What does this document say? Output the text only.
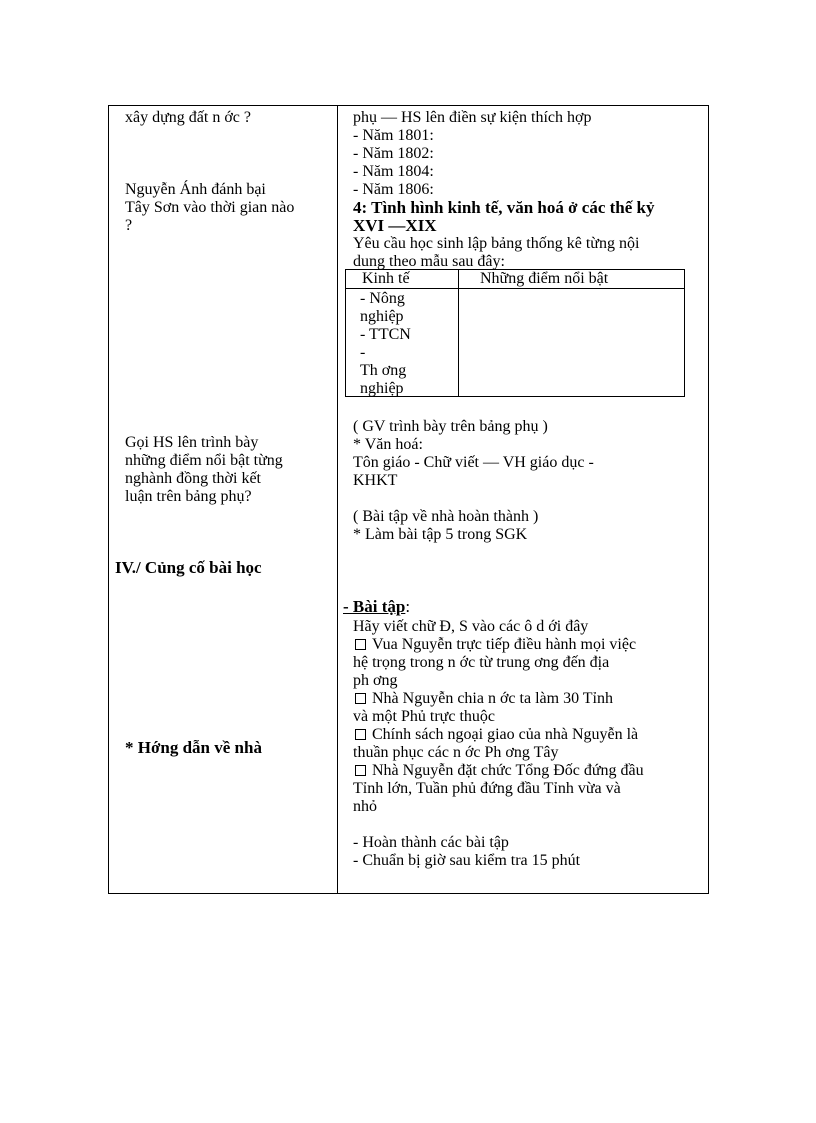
xây dựng đất n ớc ?
Nguyễn Ánh đánh bại
Tây Sơn vào thời gian nào
?
Gọi HS lên trình bày
những điểm nổi bật từng
nghành đồng thời kết
luận trên bảng phụ?
IV./ Củng cố bài học
* Hớng dẫn về nhà
phụ — HS lên điền sự kiện thích hợp
- Năm 1801:
- Năm 1802:
- Năm 1804:
- Năm 1806:
4: Tình hình kinh tế, văn hoá ở các thế kỷ
XVI —XIX
Yêu cầu học sinh lập bảng thống kê từng nội
dung theo mẫu sau đây:
Kinh tế	Những điểm nổi bật
- Nông
nghiệp
- TTCN
-
Th ơng
nghiệp
( GV trình bày trên bảng phụ )
* Văn hoá:
Tôn giáo - Chữ viết — VH giáo dục -
KHKT
( Bài tập về nhà hoàn thành )
* Làm bài tập 5 trong SGK
- Bài tập:
Hãy viết chữ Đ, S vào các ô d ới đây
Vua Nguyễn trực tiếp điều hành mọi việc
hệ trọng trong n ớc từ trung ơng đến địa
ph ơng
Nhà Nguyễn chia n ớc ta làm 30 Tỉnh
và một Phủ trực thuộc
Chính sách ngoại giao của nhà Nguyễn là
thuần phục các n ớc Ph ơng Tây
Nhà Nguyễn đặt chức Tổng Đốc đứng đầu
Tỉnh lớn, Tuần phủ đứng đầu Tỉnh vừa và
nhỏ
- Hoàn thành các bài tập
- Chuẩn bị giờ sau kiểm tra 15 phút
